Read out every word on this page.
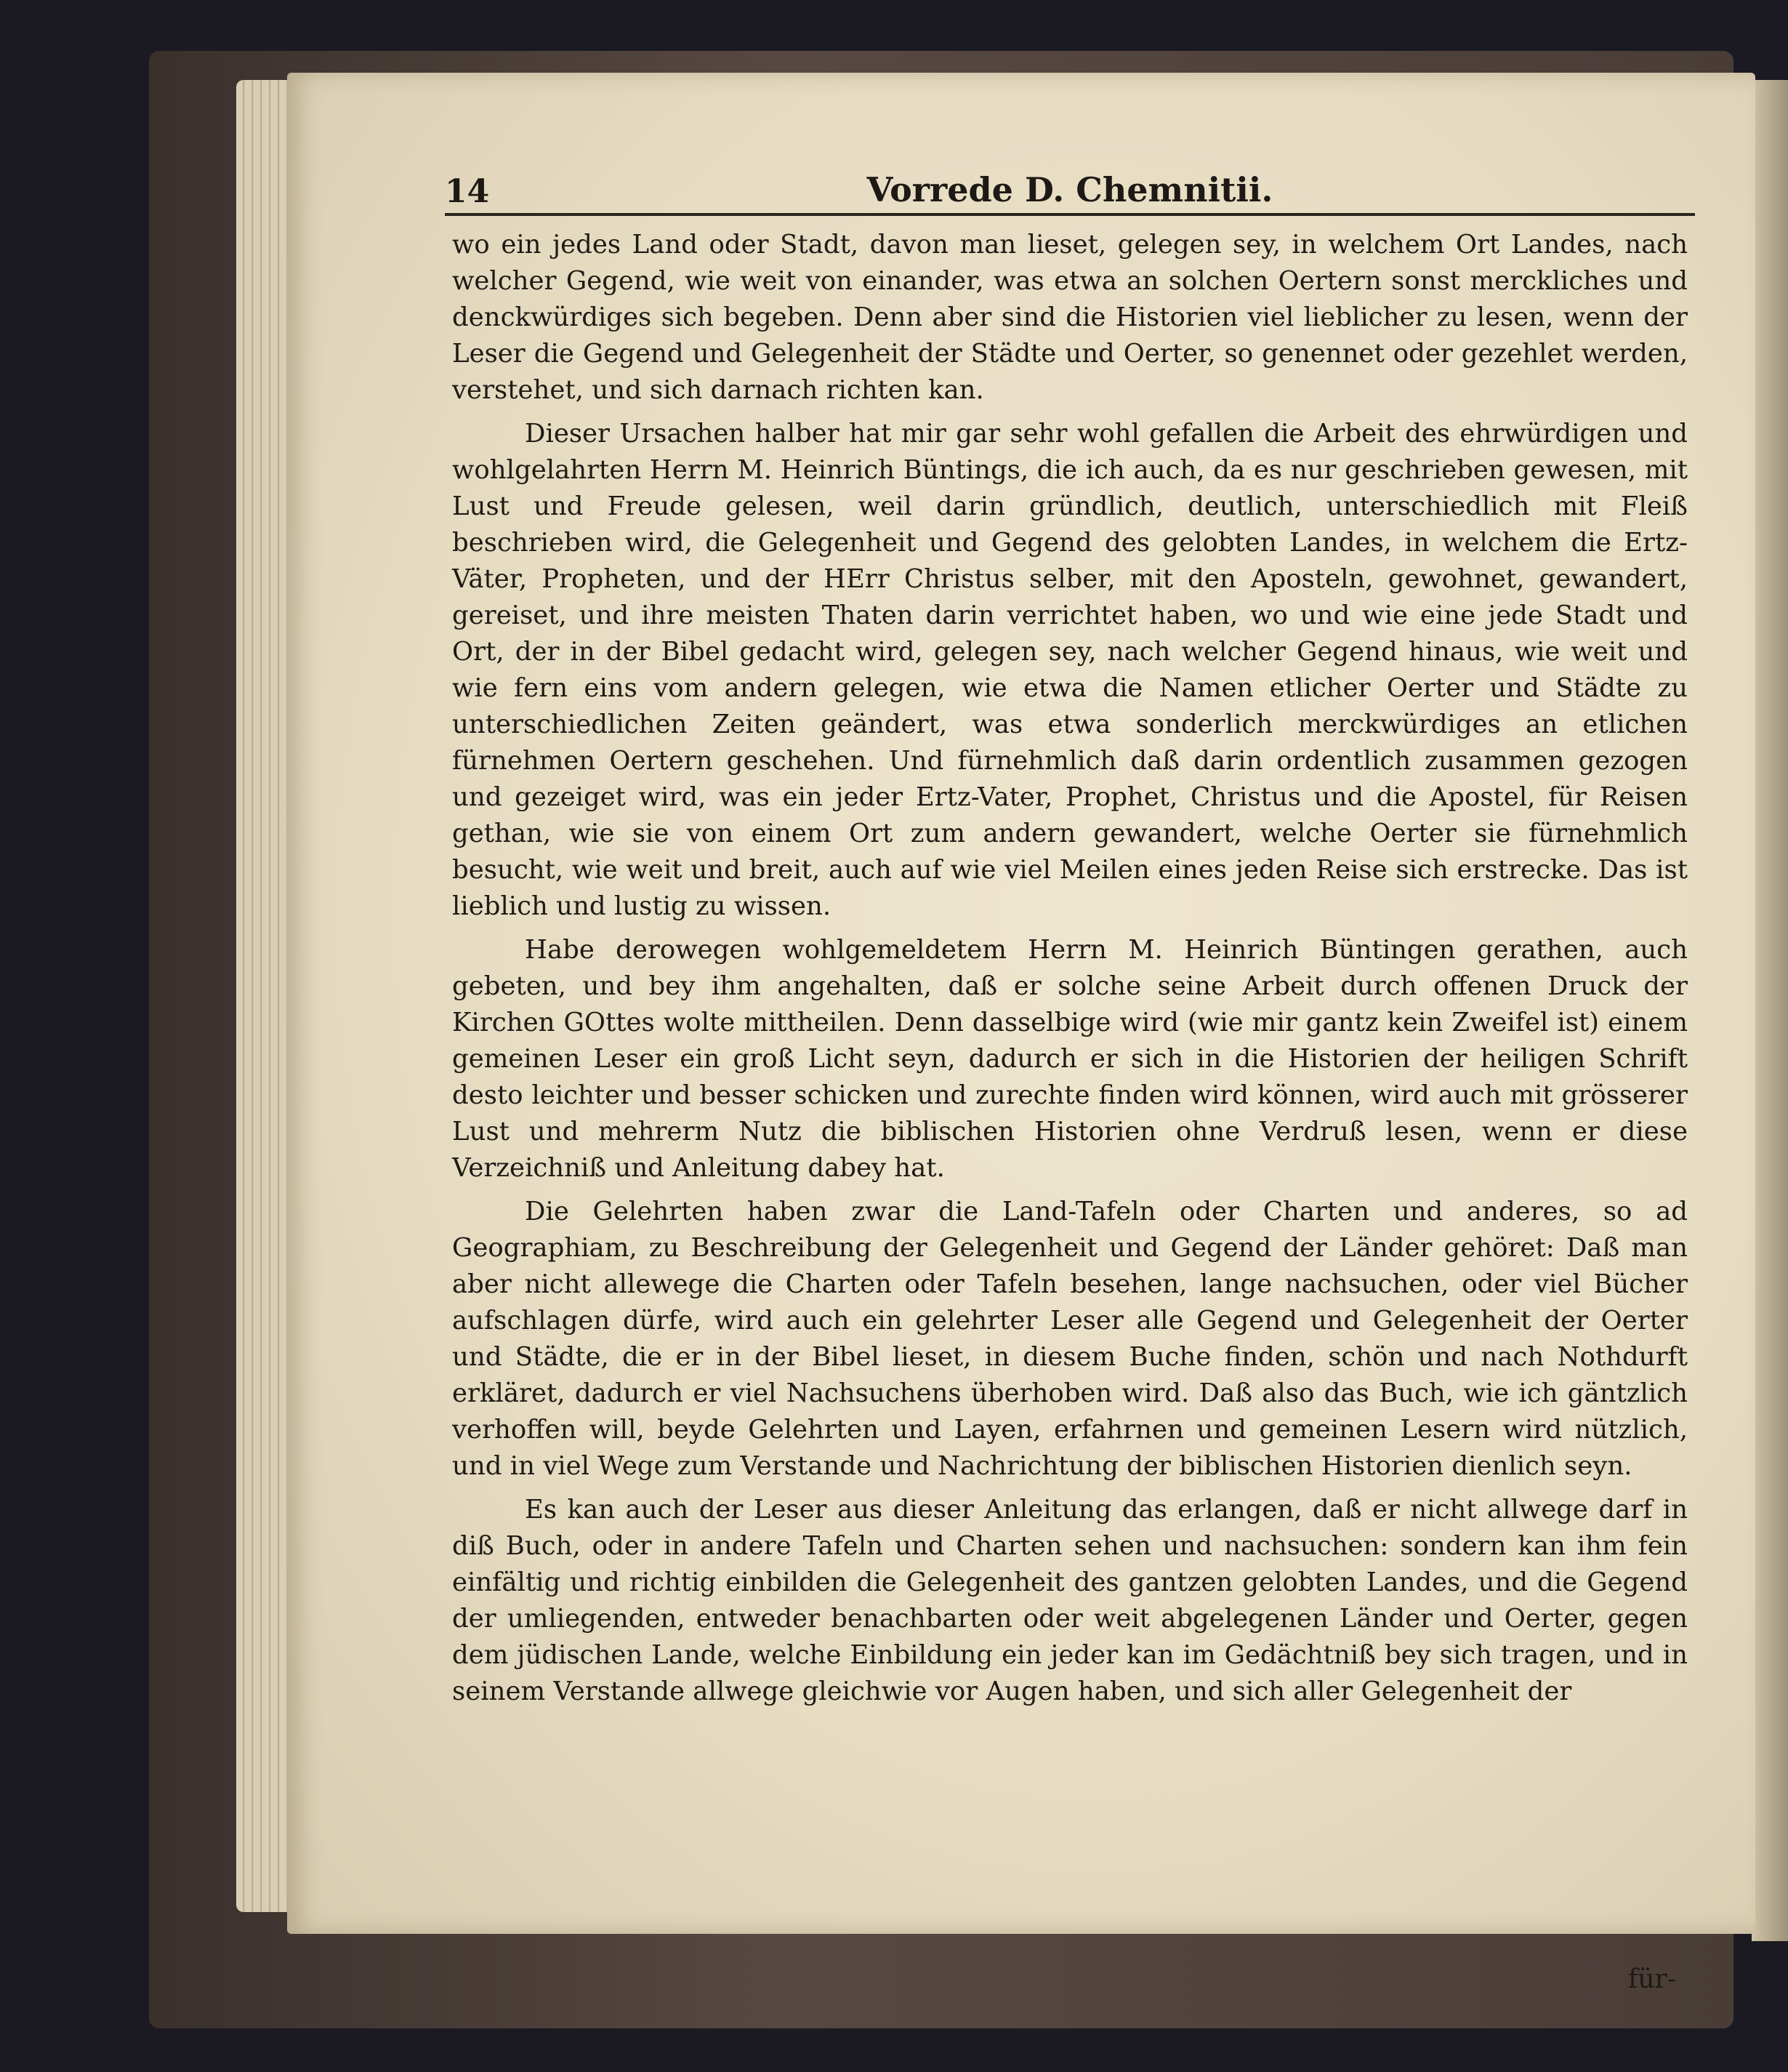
14	Vorrede D. Chemnitii.

wo ein jedes Land oder Stadt, davon man lieset, gelegen sey, in welchem Ort Landes, nach welcher Gegend, wie weit von einander, was etwa an solchen Oertern sonst merckliches und denckwürdiges sich begeben. Denn aber sind die Historien viel lieblicher zu lesen, wenn der Leser die Gegend und Gelegenheit der Städte und Oerter, so genennet oder gezehlet werden, verstehet, und sich darnach richten kan.

Dieser Ursachen halber hat mir gar sehr wohl gefallen die Arbeit des ehrwürdigen und wohlgelahrten Herrn M. Heinrich Büntings, die ich auch, da es nur geschrieben gewesen, mit Lust und Freude gelesen, weil darin gründlich, deutlich, unterschiedlich mit Fleiß beschrieben wird, die Gelegenheit und Gegend des gelobten Landes, in welchem die Ertz-Väter, Propheten, und der HErr Christus selber, mit den Aposteln, gewohnet, gewandert, gereiset, und ihre meisten Thaten darin verrichtet haben, wo und wie eine jede Stadt und Ort, der in der Bibel gedacht wird, gelegen sey, nach welcher Gegend hinaus, wie weit und wie fern eins vom andern gelegen, wie etwa die Namen etlicher Oerter und Städte zu unterschiedlichen Zeiten geändert, was etwa sonderlich merckwürdiges an etlichen fürnehmen Oertern geschehen. Und fürnehmlich daß darin ordentlich zusammen gezogen und gezeiget wird, was ein jeder Ertz-Vater, Prophet, Christus und die Apostel, für Reisen gethan, wie sie von einem Ort zum andern gewandert, welche Oerter sie fürnehmlich besucht, wie weit und breit, auch auf wie viel Meilen eines jeden Reise sich erstrecke. Das ist lieblich und lustig zu wissen.

Habe derowegen wohlgemeldetem Herrn M. Heinrich Büntingen gerathen, auch gebeten, und bey ihm angehalten, daß er solche seine Arbeit durch offenen Druck der Kirchen GOttes wolte mittheilen. Denn dasselbige wird (wie mir gantz kein Zweifel ist) einem gemeinen Leser ein groß Licht seyn, dadurch er sich in die Historien der heiligen Schrift desto leichter und besser schicken und zurechte finden wird können, wird auch mit grösserer Lust und mehrerm Nutz die biblischen Historien ohne Verdruß lesen, wenn er diese Verzeichniß und Anleitung dabey hat.

Die Gelehrten haben zwar die Land-Tafeln oder Charten und anderes, so ad Geographiam, zu Beschreibung der Gelegenheit und Gegend der Länder gehöret: Daß man aber nicht allewege die Charten oder Tafeln besehen, lange nachsuchen, oder viel Bücher aufschlagen dürfe, wird auch ein gelehrter Leser alle Gegend und Gelegenheit der Oerter und Städte, die er in der Bibel lieset, in diesem Buche finden, schön und nach Nothdurft erkläret, dadurch er viel Nachsuchens überhoben wird. Daß also das Buch, wie ich gäntzlich verhoffen will, beyde Gelehrten und Layen, erfahrnen und gemeinen Lesern wird nützlich, und in viel Wege zum Verstande und Nachrichtung der biblischen Historien dienlich seyn.

Es kan auch der Leser aus dieser Anleitung das erlangen, daß er nicht allwege darf in diß Buch, oder in andere Tafeln und Charten sehen und nachsuchen: sondern kan ihm fein einfältig und richtig einbilden die Gelegenheit des gantzen gelobten Landes, und die Gegend der umliegenden, entweder benachbarten oder weit abgelegenen Länder und Oerter, gegen dem jüdischen Lande, welche Einbildung ein jeder kan im Gedächtniß bey sich tragen, und in seinem Verstande allwege gleichwie vor Augen haben, und sich aller Gelegenheit der

für-
